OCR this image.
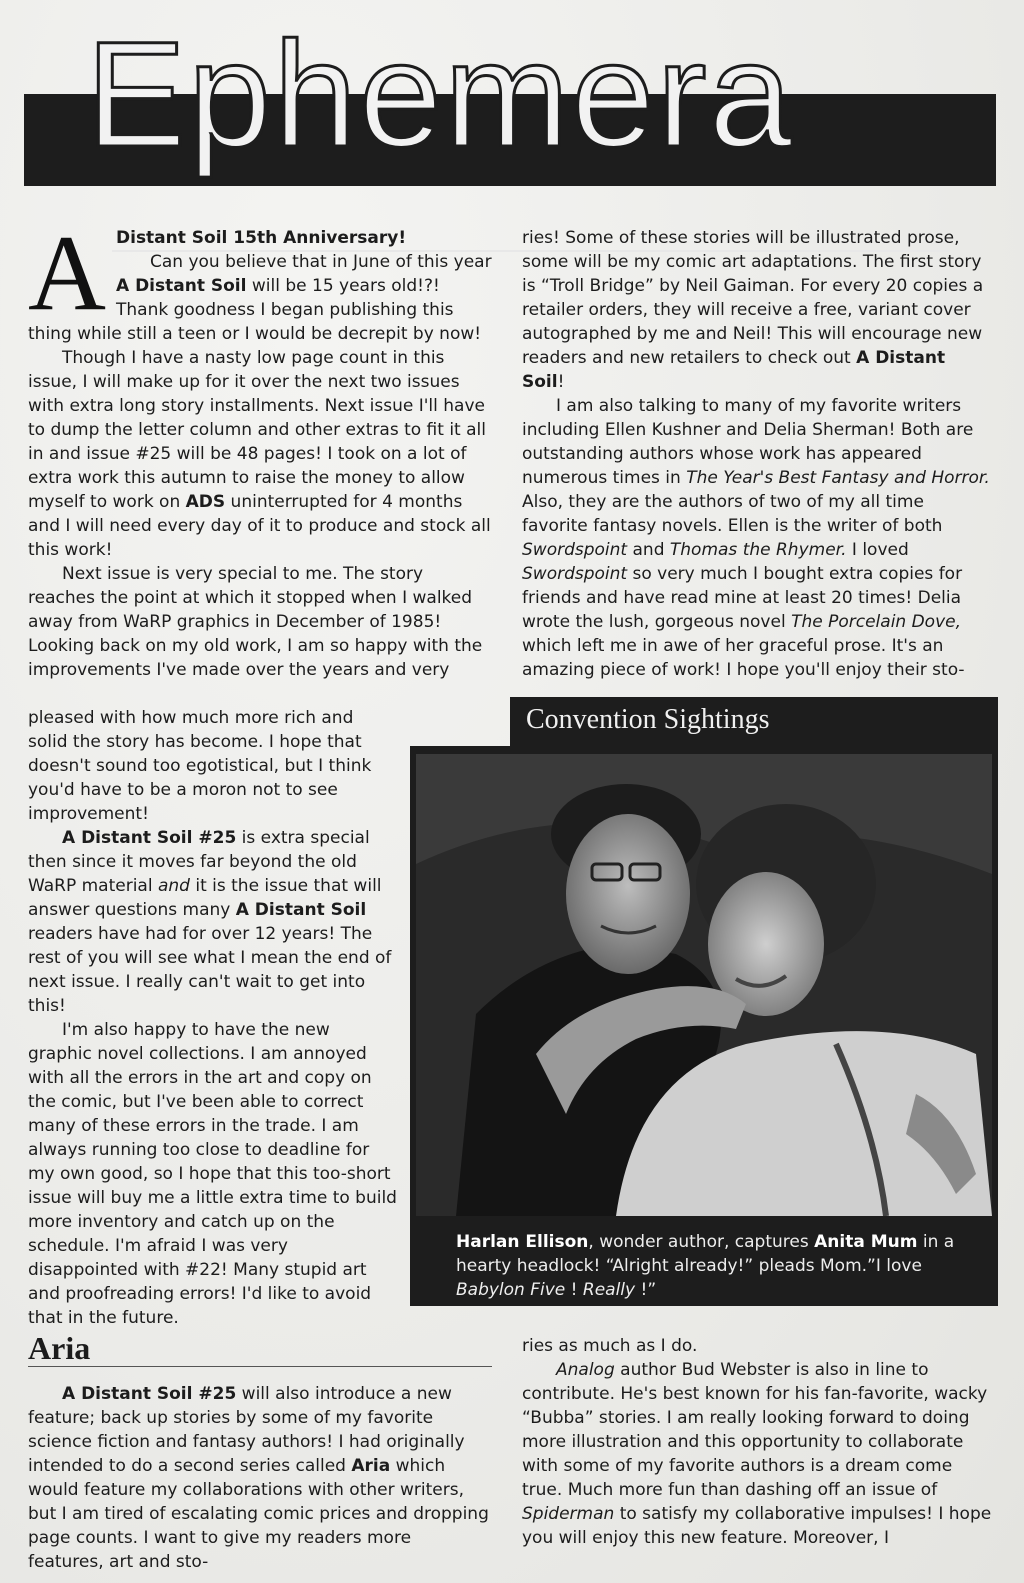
Ephemera
A Distant Soil 15th Anniversary!

Can you believe that in June of this year A Distant Soil will be 15 years old!?! Thank goodness I began publishing this thing while still a teen or I would be decrepit by now!

Though I have a nasty low page count in this issue, I will make up for it over the next two issues with extra long story installments. Next issue I'll have to dump the letter column and other extras to fit it all in and issue #25 will be 48 pages! I took on a lot of extra work this autumn to raise the money to allow myself to work on ADS uninterrupted for 4 months and I will need every day of it to produce and stock all this work!

Next issue is very special to me. The story reaches the point at which it stopped when I walked away from WaRP graphics in December of 1985! Looking back on my old work, I am so happy with the improvements I've made over the years and very

pleased with how much more rich and solid the story has become. I hope that doesn't sound too egotistical, but I think you'd have to be a moron not to see improvement!

A Distant Soil #25 is extra special then since it moves far beyond the old WaRP material and it is the issue that will answer questions many A Distant Soil readers have had for over 12 years! The rest of you will see what I mean the end of next issue. I really can't wait to get into this!

I'm also happy to have the new graphic novel collections. I am annoyed with all the errors in the art and copy on the comic, but I've been able to correct many of these errors in the trade. I am always running too close to deadline for my own good, so I hope that this too-short issue will buy me a little extra time to build more inventory and catch up on the schedule. I'm afraid I was very disappointed with #22! Many stupid art and proofreading errors! I'd like to avoid that in the future.

ries! Some of these stories will be illustrated prose, some will be my comic art adaptations. The first story is “Troll Bridge” by Neil Gaiman. For every 20 copies a retailer orders, they will receive a free, variant cover autographed by me and Neil! This will encourage new readers and new retailers to check out A Distant Soil!

I am also talking to many of my favorite writers including Ellen Kushner and Delia Sherman! Both are outstanding authors whose work has appeared numerous times in The Year's Best Fantasy and Horror. Also, they are the authors of two of my all time favorite fantasy novels. Ellen is the writer of both Swordspoint and Thomas the Rhymer. I loved Swordspoint so very much I bought extra copies for friends and have read mine at least 20 times! Delia wrote the lush, gorgeous novel The Porcelain Dove, which left me in awe of her graceful prose. It's an amazing piece of work! I hope you'll enjoy their sto-

Convention Sightings

Harlan Ellison, wonder author, captures Anita Mum in a hearty headlock! “Alright already!” pleads Mom.”I love Babylon Five ! Really !”

Aria

A Distant Soil #25 will also introduce a new feature; back up stories by some of my favorite science fiction and fantasy authors! I had originally intended to do a second series called Aria which would feature my collaborations with other writers, but I am tired of escalating comic prices and dropping page counts. I want to give my readers more features, art and sto-

ries as much as I do.

Analog author Bud Webster is also in line to contribute. He's best known for his fan-favorite, wacky “Bubba” stories. I am really looking forward to doing more illustration and this opportunity to collaborate with some of my favorite authors is a dream come true. Much more fun than dashing off an issue of Spiderman to satisfy my collaborative impulses! I hope you will enjoy this new feature. Moreover, I
